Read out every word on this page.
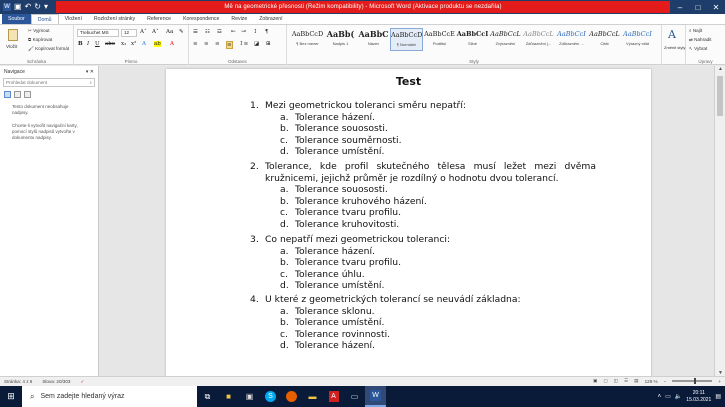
W ▣ ↶ ↻ ▾	Mě na geometrické přesnosti (Režim kompatibility) - Microsoft Word (Aktivace produktu se nezdařila)	–	□	✕
Soubor	Domů	Vložení	Rozložení stránky	Reference	Korespondence	Revize	Zobrazení
Vložit
✂ Vyjmout
⧉ Kopírovat
🖌 Kopírovat formát
Schránka
Trebuchet MS	12	A˄ A˅ Aa ✎
B I U abe x₂ x² A ab A
Písmo
☰ ☷ ☲ ⇤ ⇥ ↕ ¶
≡ ≡ ≡ ≡ ↕≡ ◪ ⊞
Odstavec
AaBbCcD
¶ Bez mezer
AaBb(
Nadpis 1
AaBbC
Název
AaBbCcD
¶ Normální
AaBbCcE
Podtitul
AaBbCcI
Silné
AaBbCcL
Zvýraznění
AaBbCcL
Zdůraznění j...
AaBbCcI
Zdůraznění ...
AaBbCcL
Citát
AaBbCcI
Výrazný citát
Styly
A
Změnit styly
⌕ Najít
⇄ Nahradit
↖ Vybrat
Úpravy
Navigace	▾ ✕
Prohledat dokument	⌕
Tento dokument neobsahuje nadpisy.
Chcete-li vytvořit navigační karty, pomocí stylů nadpisů vytvořte v dokumentu nadpisy.
Test
1. Mezi geometrickou toleranci směru nepatří:
a. Tolerance házení.
b. Tolerance souososti.
c. Tolerance souměrnosti.
d. Tolerance umístění.
2. Tolerance, kde profil skutečného tělesa musí ležet mezi dvěma kružnicemi, jejichž průměr je rozdílný o hodnotu dvou tolerancí.
a. Tolerance souososti.
b. Tolerance kruhového házení.
c. Tolerance tvaru profilu.
d. Tolerance kruhovitosti.
3. Co nepatří mezi geometrickou toleranci:
a. Tolerance házení.
b. Tolerance tvaru profilu.
c. Tolerance úhlu.
d. Tolerance umístění.
4. U které z geometrických tolerancí se neuvádí základna:
a. Tolerance sklonu.
b. Tolerance umístění.
c. Tolerance rovinnosti.
d. Tolerance házení.
▲
▼
Stránka: 4 z 6 Slova: 20/303 ✓	▣ ▢ ◫ ☰ ▤ 129 % −	+
⊞	⌕ Sem zadejte hledaný výraz	⧉	■	▣	S	▬	A	▭	W	˄ ▭ 🔈
20:11
15.03.2021 ▤
